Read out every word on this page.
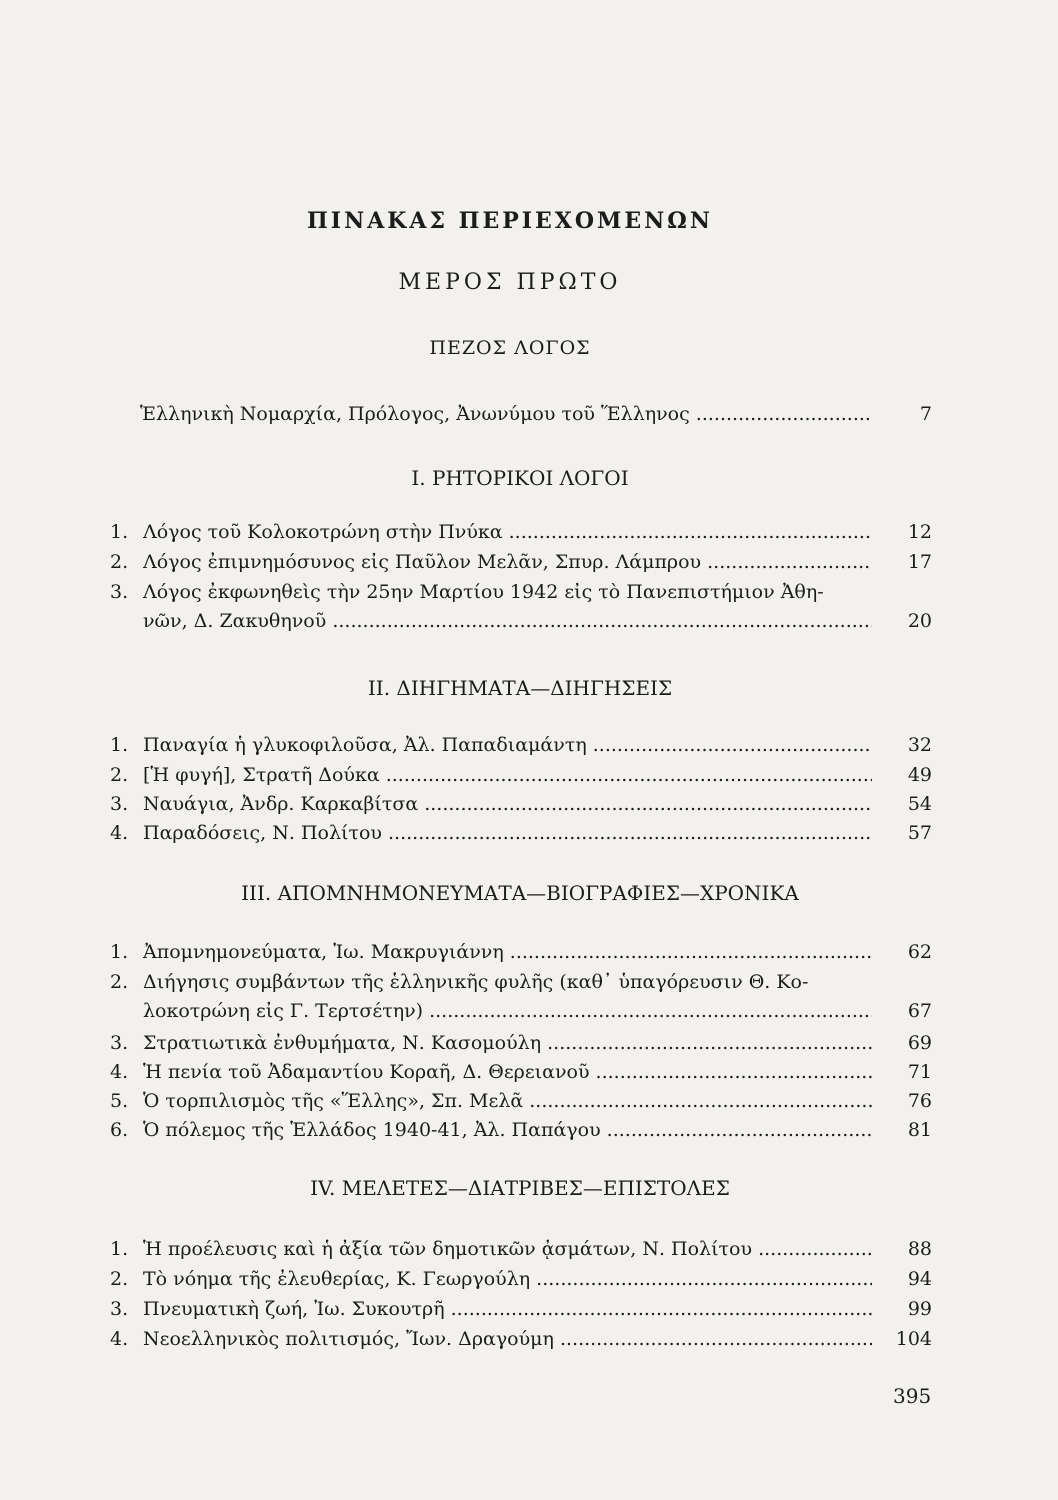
ΠΙΝΑΚΑΣ ΠΕΡΙΕΧΟΜΕΝΩΝ
ΜΕΡΟΣ ΠΡΩΤΟ
ΠΕΖΟΣ ΛΟΓΟΣ
Ἑλληνικὴ Νομαρχία, Πρόλογος, Ἀνωνύμου τοῦ Ἕλληνος .....	7
Ι. ΡΗΤΟΡΙΚΟΙ ΛΟΓΟΙ
1. Λόγος τοῦ Κολοκοτρώνη στὴν Πνύκα .....	12
2. Λόγος ἐπιμνημόσυνος εἰς Παῦλον Μελᾶν, Σπυρ. Λάμπρου .....	17
3. Λόγος ἐκφωνηθεὶς τὴν 25ην Μαρτίου 1942 εἰς τὸ Πανεπιστήμιον Ἀθη-
νῶν, Δ. Ζακυθηνοῦ .....	20
ΙΙ. ΔΙΗΓΗΜΑΤΑ—ΔΙΗΓΗΣΕΙΣ
1. Παναγία ἡ γλυκοφιλοῦσα, Ἀλ. Παπαδιαμάντη .....	32
2. [Ἡ φυγή], Στρατῆ Δούκα .....	49
3. Ναυάγια, Ἀνδρ. Καρκαβίτσα .....	54
4. Παραδόσεις, Ν. Πολίτου .....	57
ΙΙΙ. ΑΠΟΜΝΗΜΟΝΕΥΜΑΤΑ—ΒΙΟΓΡΑΦΙΕΣ—ΧΡΟΝΙΚΑ
1. Ἀπομνημονεύματα, Ἰω. Μακρυγιάννη .....	62
2. Διήγησις συμβάντων τῆς ἑλληνικῆς φυλῆς (καθ᾽ ὑπαγόρευσιν Θ. Κο-
λοκοτρώνη εἰς Γ. Τερτσέτην) .....	67
3. Στρατιωτικὰ ἐνθυμήματα, Ν. Κασομούλη .....	69
4. Ἡ πενία τοῦ Ἀδαμαντίου Κοραῆ, Δ. Θερειανοῦ .....	71
5. Ὁ τορπιλισμὸς τῆς «Ἕλλης», Σπ. Μελᾶ .....	76
6. Ὁ πόλεμος τῆς Ἑλλάδος 1940-41, Ἀλ. Παπάγου .....	81
ΙV. ΜΕΛΕΤΕΣ—ΔΙΑΤΡΙΒΕΣ—ΕΠΙΣΤΟΛΕΣ
1. Ἡ προέλευσις καὶ ἡ ἀξία τῶν δημοτικῶν ᾀσμάτων, Ν. Πολίτου .....	88
2. Τὸ νόημα τῆς ἐλευθερίας, Κ. Γεωργούλη .....	94
3. Πνευματικὴ ζωή, Ἰω. Συκουτρῆ .....	99
4. Νεοελληνικὸς πολιτισμός, Ἴων. Δραγούμη .....	104
395
